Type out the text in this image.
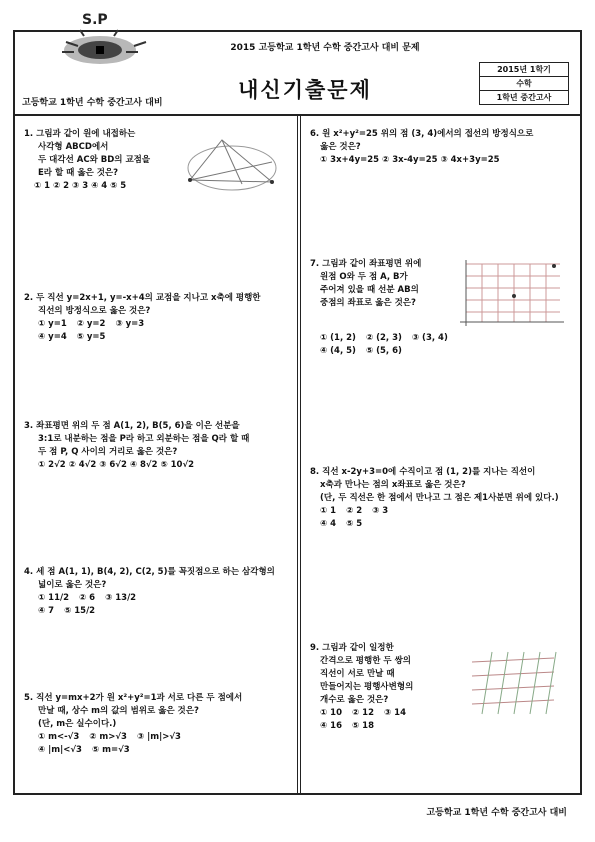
S.P
고등학교 1학년 수학 중간고사 대비
2015 고등학교 1학년 수학 중간고사 대비 문제
내신기출문제
2015년 1학기
수학
1학년 중간고사
1. 그림과 같이 원에 내접하는
사각형 ABCD에서
두 대각선 AC와 BD의 교점을
E라 할 때 옳은 것은?
① 1 ② 2 ③ 3 ④ 4 ⑤ 5
2. 두 직선 y=2x+1, y=-x+4의 교점을 지나고 x축에 평행한
직선의 방정식으로 옳은 것은?
① y=1 ② y=2 ③ y=3
④ y=4 ⑤ y=5
3. 좌표평면 위의 두 점 A(1, 2), B(5, 6)을 이은 선분을
3:1로 내분하는 점을 P라 하고 외분하는 점을 Q라 할 때
두 점 P, Q 사이의 거리로 옳은 것은?
① 2√2 ② 4√2 ③ 6√2 ④ 8√2 ⑤ 10√2
4. 세 점 A(1, 1), B(4, 2), C(2, 5)를 꼭짓점으로 하는 삼각형의
넓이로 옳은 것은?
① 11/2 ② 6 ③ 13/2
④ 7 ⑤ 15/2
5. 직선 y=mx+2가 원 x²+y²=1과 서로 다른 두 점에서
만날 때, 상수 m의 값의 범위로 옳은 것은?
(단, m은 실수이다.)
① m<-√3 ② m>√3 ③ |m|>√3
④ |m|<√3 ⑤ m=√3
6. 원 x²+y²=25 위의 점 (3, 4)에서의 접선의 방정식으로
옳은 것은?
① 3x+4y=25 ② 3x-4y=25 ③ 4x+3y=25
7. 그림과 같이 좌표평면 위에
원점 O와 두 점 A, B가
주어져 있을 때 선분 AB의
중점의 좌표로 옳은 것은?
① (1, 2) ② (2, 3) ③ (3, 4)
④ (4, 5) ⑤ (5, 6)
8. 직선 x-2y+3=0에 수직이고 점 (1, 2)를 지나는 직선이
x축과 만나는 점의 x좌표로 옳은 것은?
(단, 두 직선은 한 점에서 만나고 그 점은 제1사분면 위에 있다.)
① 1 ② 2 ③ 3
④ 4 ⑤ 5
9. 그림과 같이 일정한
간격으로 평행한 두 쌍의
직선이 서로 만날 때
만들어지는 평행사변형의
개수로 옳은 것은?
① 10 ② 12 ③ 14
④ 16 ⑤ 18
고등학교 1학년 수학 중간고사 대비
